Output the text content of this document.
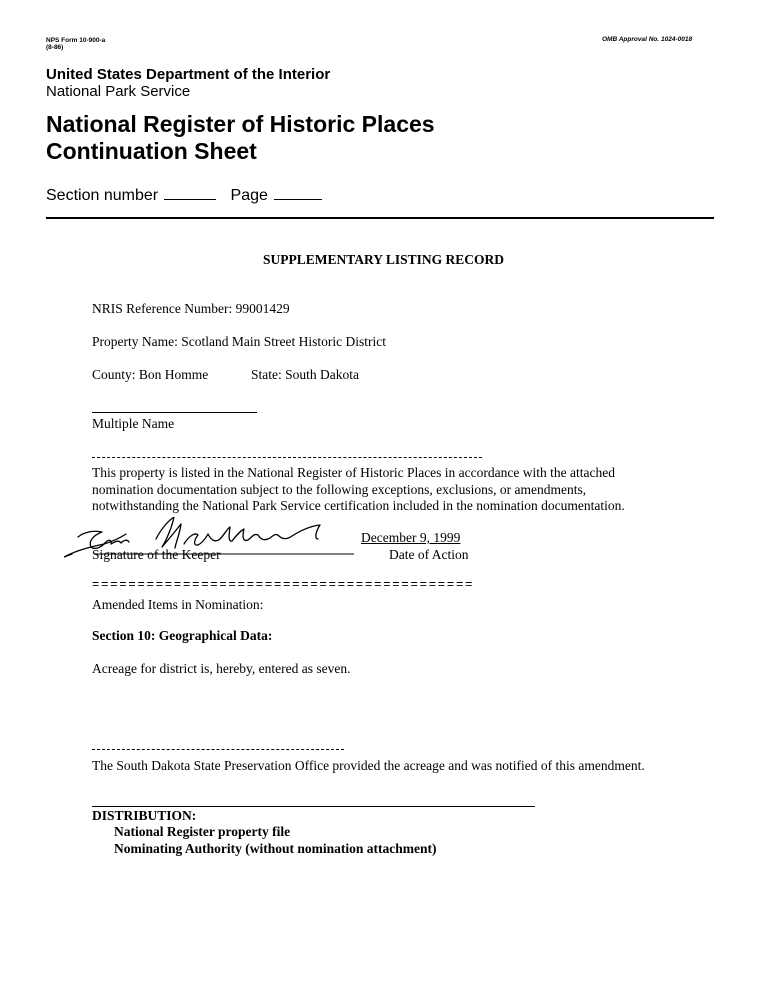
NPS Form 10-900-a
(8-86)
OMB Approval No. 1024-0018
United States Department of the Interior
National Park Service
National Register of Historic Places
Continuation Sheet
Section number	Page
SUPPLEMENTARY LISTING RECORD
NRIS Reference Number: 99001429
Property Name: Scotland Main Street Historic District
County: Bon Homme	State: South Dakota
Multiple Name
This property is listed in the National Register of Historic Places in accordance with the attached
nomination documentation subject to the following exceptions, exclusions, or amendments,
notwithstanding the National Park Service certification included in the nomination documentation.
December 9, 1999
Signature of the Keeper	Date of Action
==========================================
Amended Items in Nomination:
Section 10: Geographical Data:
Acreage for district is, hereby, entered as seven.
The South Dakota State Preservation Office provided the acreage and was notified of this amendment.
DISTRIBUTION:
National Register property file
Nominating Authority (without nomination attachment)
